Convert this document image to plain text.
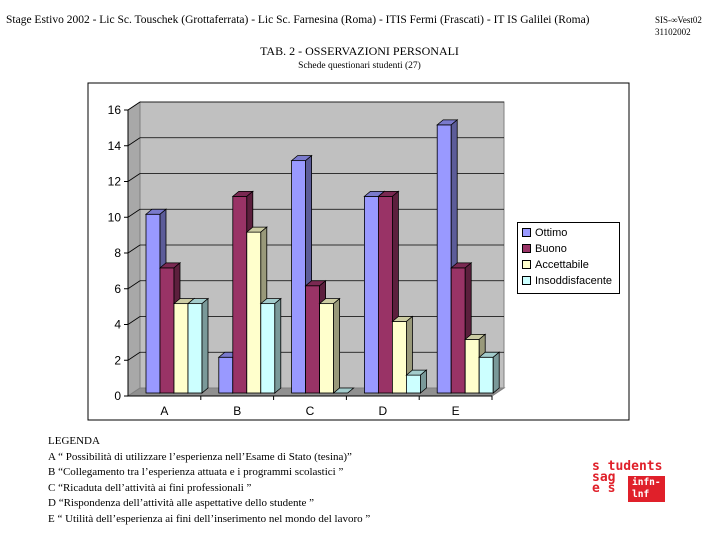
Stage Estivo 2002 - Lic Sc. Touschek (Grottaferrata) - Lic Sc. Farnesina (Roma) - ITIS Fermi (Frascati) - IT IS Galilei (Roma)	SIS-∞Vest02
31102002
TAB. 2 - OSSERVAZIONI PERSONALI
Schede questionari studenti (27)
0
2
4
6
8
10
12
14
16
A	B	C	D	E
Ottimo
Buono
Accettabile
Insoddisfacente
LEGENDA
A “ Possibilità di utilizzare l’esperienza nell’Esame di Stato (tesina)”
B “Collegamento tra l’esperienza attuata e i programmi scolastici ”
C “Ricaduta dell’attività ai fini professionali ”
D “Rispondenza dell’attività alle aspettative dello studente ”
E “ Utilità dell’esperienza ai fini dell’inserimento nel mondo del lavoro ”
s tudents
sag
e s	infn-lnf
